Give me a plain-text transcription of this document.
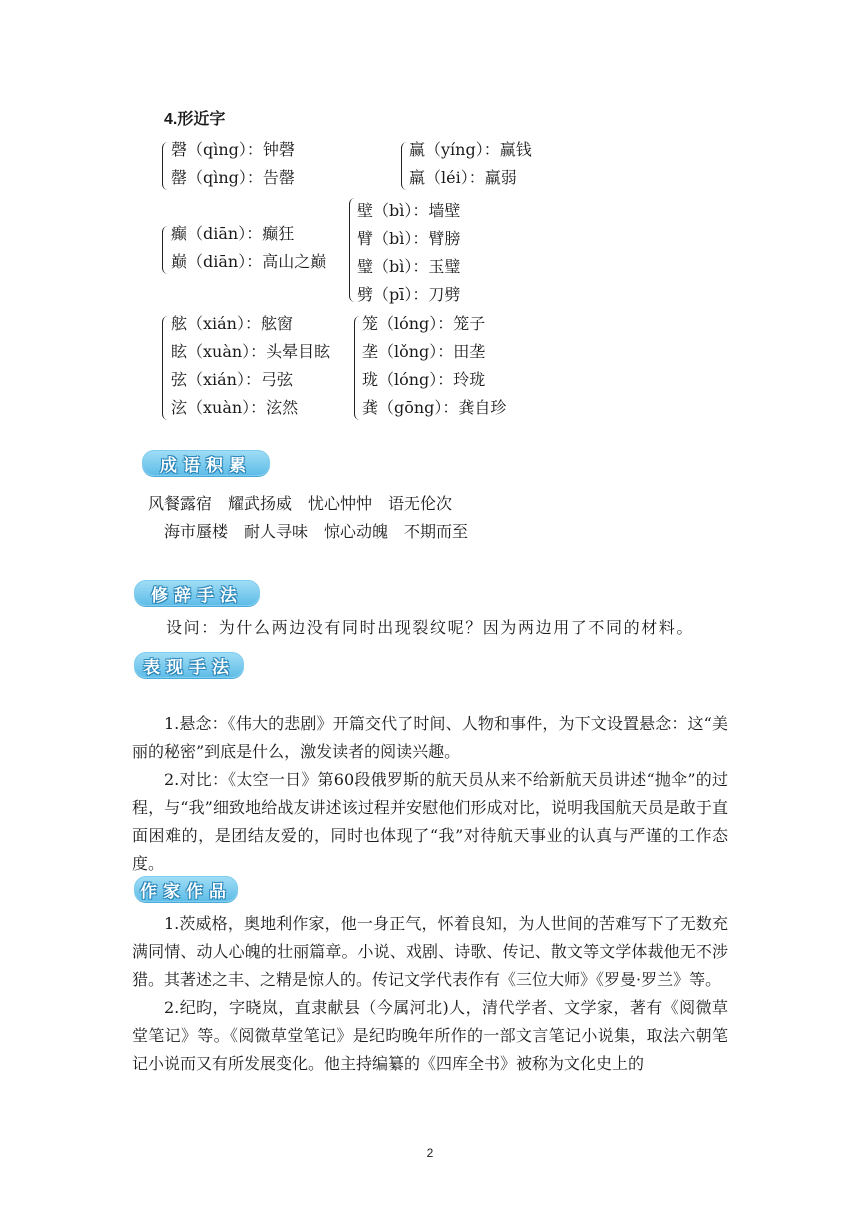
4.形近字
磬（qìng）：钟磬
罄（qìng）：告罄
赢（yíng）：赢钱
羸（léi）：羸弱
癫（diān）：癫狂
巅（diān）：高山之巅
壁（bì）：墙壁
臂（bì）：臂膀
璧（bì）：玉璧
劈（pī）：刀劈
舷（xián）：舷窗
眩（xuàn）：头晕目眩
弦（xián）：弓弦
泫（xuàn）：泫然
笼（lóng）：笼子
垄（lǒng）：田垄
珑（lóng）：玲珑
龚（gōng）：龚自珍
成语积累
风餐露宿　耀武扬威　忧心忡忡　语无伦次
海市蜃楼　耐人寻味　惊心动魄　不期而至
修辞手法
设问：为什么两边没有同时出现裂纹呢？因为两边用了不同的材料。
表现手法

1.悬念：《伟大的悲剧》开篇交代了时间、人物和事件，为下文设置悬念：这“美丽的秘密”到底是什么，激发读者的阅读兴趣。

2.对比：《太空一日》第60段俄罗斯的航天员从来不给新航天员讲述“抛伞”的过程，与“我”细致地给战友讲述该过程并安慰他们形成对比，说明我国航天员是敢于直面困难的，是团结友爱的，同时也体现了“我”对待航天事业的认真与严谨的工作态度。

作家作品

1.茨威格，奥地利作家，他一身正气，怀着良知，为人世间的苦难写下了无数充满同情、动人心魄的壮丽篇章。小说、戏剧、诗歌、传记、散文等文学体裁他无不涉猎。其著述之丰、之精是惊人的。传记文学代表作有《三位大师》《罗曼·罗兰》等。

2.纪昀，字晓岚，直隶献县（今属河北)人，清代学者、文学家，著有《阅微草堂笔记》等。《阅微草堂笔记》是纪昀晚年所作的一部文言笔记小说集，取法六朝笔记小说而又有所发展变化。他主持编纂的《四库全书》被称为文化史上的

2
